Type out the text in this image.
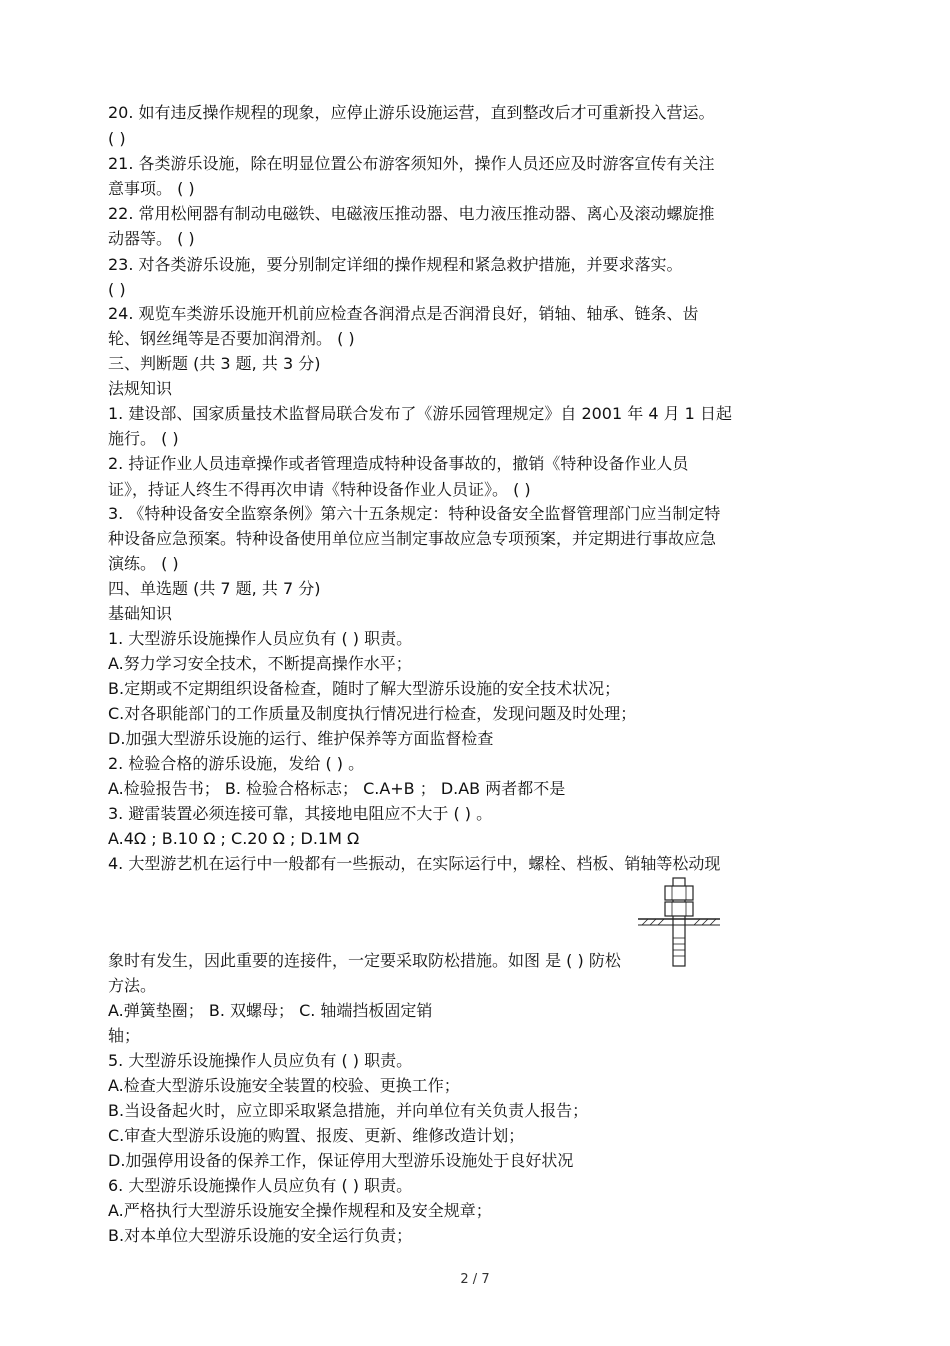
20. 如有违反操作规程的现象，应停止游乐设施运营，直到整改后才可重新投入营运。
( )
21. 各类游乐设施，除在明显位置公布游客须知外，操作人员还应及时游客宣传有关注
意事项。 ( )
22. 常用松闸器有制动电磁铁、电磁液压推动器、电力液压推动器、离心及滚动螺旋推
动器等。 ( )
23. 对各类游乐设施，要分别制定详细的操作规程和紧急救护措施，并要求落实。
( )
24. 观览车类游乐设施开机前应检查各润滑点是否润滑良好，销轴、轴承、链条、齿
轮、钢丝绳等是否要加润滑剂。 ( )
三、判断题 (共 3 题, 共 3 分)
法规知识
1. 建设部、国家质量技术监督局联合发布了《游乐园管理规定》自 2001 年 4 月 1 日起
施行。 ( )
2. 持证作业人员违章操作或者管理造成特种设备事故的，撤销《特种设备作业人员
证》，持证人终生不得再次申请《特种设备作业人员证》。 ( )
3. 《特种设备安全监察条例》第六十五条规定：特种设备安全监督管理部门应当制定特
种设备应急预案。特种设备使用单位应当制定事故应急专项预案，并定期进行事故应急
演练。 ( )
四、单选题 (共 7 题, 共 7 分)
基础知识
1. 大型游乐设施操作人员应负有 ( ) 职责。
A.努力学习安全技术，不断提高操作水平；
B.定期或不定期组织设备检查，随时了解大型游乐设施的安全技术状况；
C.对各职能部门的工作质量及制度执行情况进行检查，发现问题及时处理；
D.加强大型游乐设施的运行、维护保养等方面监督检查
2. 检验合格的游乐设施，发给 ( ) 。
A.检验报告书； B. 检验合格标志； C.A+B ； D.AB 两者都不是
3. 避雷装置必须连接可靠，其接地电阻应不大于 ( ) 。
A.4Ω ; B.10 Ω ; C.20 Ω ; D.1M Ω
4. 大型游艺机在运行中一般都有一些振动，在实际运行中，螺栓、档板、销轴等松动现
象时有发生，因此重要的连接件，一定要采取防松措施。如图 是 ( ) 防松
方法。
A.弹簧垫圈； B. 双螺母； C. 轴端挡板固定销
轴；
5. 大型游乐设施操作人员应负有 ( ) 职责。
A.检查大型游乐设施安全装置的校验、更换工作；
B.当设备起火时，应立即采取紧急措施，并向单位有关负责人报告；
C.审查大型游乐设施的购置、报废、更新、维修改造计划；
D.加强停用设备的保养工作，保证停用大型游乐设施处于良好状况
6. 大型游乐设施操作人员应负有 ( ) 职责。
A.严格执行大型游乐设施安全操作规程和及安全规章；
B.对本单位大型游乐设施的安全运行负责；
2 / 7
